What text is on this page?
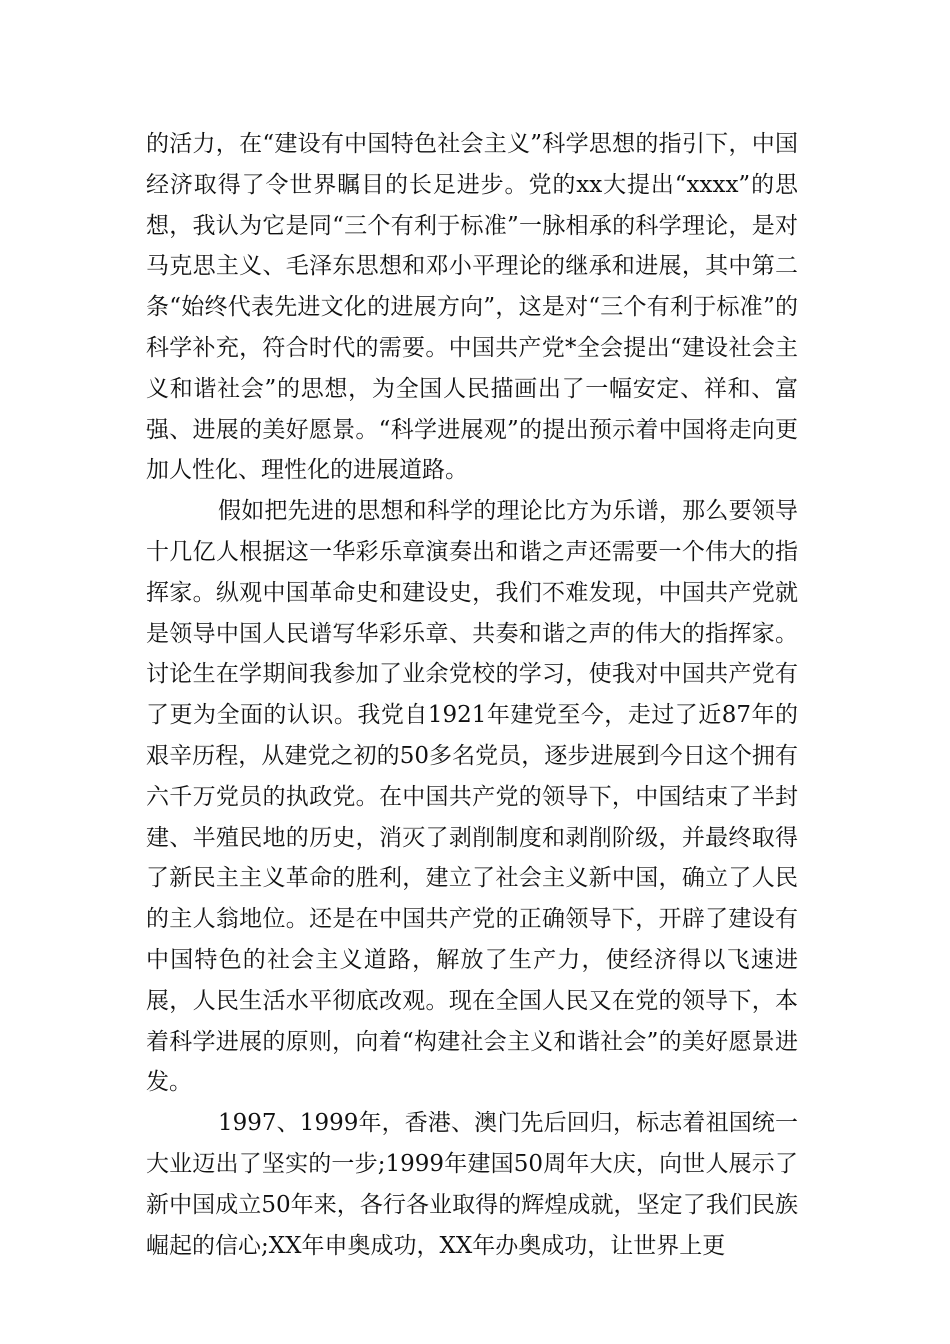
的活力，在“建设有中国特色社会主义”科学思想的指引下，中国经济取得了令世界瞩目的长足进步。党的xx大提出“xxxx”的思想，我认为它是同“三个有利于标准”一脉相承的科学理论，是对马克思主义、毛泽东思想和邓小平理论的继承和进展，其中第二条“始终代表先进文化的进展方向”，这是对“三个有利于标准”的科学补充，符合时代的需要。中国共产党*全会提出“建设社会主义和谐社会”的思想，为全国人民描画出了一幅安定、祥和、富强、进展的美好愿景。“科学进展观”的提出预示着中国将走向更加人性化、理性化的进展道路。

假如把先进的思想和科学的理论比方为乐谱，那么要领导十几亿人根据这一华彩乐章演奏出和谐之声还需要一个伟大的指挥家。纵观中国革命史和建设史，我们不难发现，中国共产党就是领导中国人民谱写华彩乐章、共奏和谐之声的伟大的指挥家。讨论生在学期间我参加了业余党校的学习，使我对中国共产党有了更为全面的认识。我党自1921年建党至今，走过了近87年的艰辛历程，从建党之初的50多名党员，逐步进展到今日这个拥有六千万党员的执政党。在中国共产党的领导下，中国结束了半封建、半殖民地的历史，消灭了剥削制度和剥削阶级，并最终取得了新民主主义革命的胜利，建立了社会主义新中国，确立了人民的主人翁地位。还是在中国共产党的正确领导下，开辟了建设有中国特色的社会主义道路，解放了生产力，使经济得以飞速进展，人民生活水平彻底改观。现在全国人民又在党的领导下，本着科学进展的原则，向着“构建社会主义和谐社会”的美好愿景进发。

1997、1999年，香港、澳门先后回归，标志着祖国统一大业迈出了坚实的一步;1999年建国50周年大庆，向世人展示了新中国成立50年来，各行各业取得的辉煌成就，坚定了我们民族崛起的信心;XX年申奥成功，XX年办奥成功，让世界上更
